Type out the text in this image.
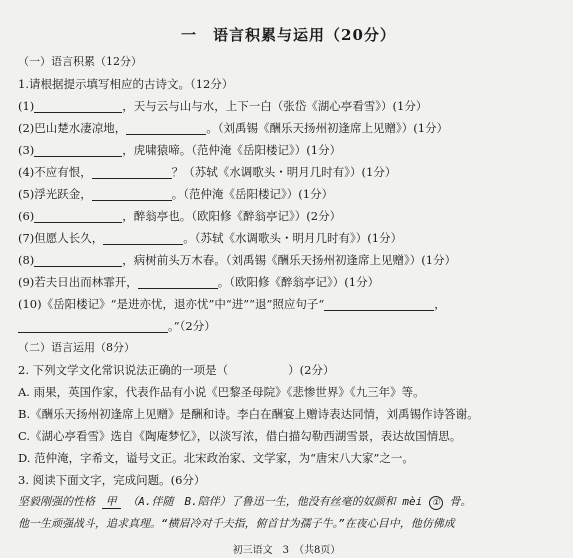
一　语言积累与运用（20分）
（一）语言积累（12分）
1.请根据提示填写相应的古诗文。（12分）
(1)	，天与云与山与水，上下一白（张岱《湖心亭看雪》）(1分）
(2)巴山楚水凄凉地，	。（刘禹锡《酬乐天扬州初逢席上见赠》）(1分）
(3)	，虎啸猿啼。（范仲淹《岳阳楼记》）(1分）
(4)不应有恨，	？（苏轼《水调歌头・明月几时有》）(1分）
(5)浮光跃金，	。（范仲淹《岳阳楼记》）(1分）
(6)	，醉翁亭也。（欧阳修《醉翁亭记》）(2分）
(7)但愿人长久，	。（苏轼《水调歌头・明月几时有》）(1分）
(8)	，病树前头万木春。（刘禹锡《酬乐天扬州初逢席上见赠》）(1分）
(9)若夫日出而林霏开，	。（欧阳修《醉翁亭记》）(1分）
(10)《岳阳楼记》“是进亦忧，退亦忧”中“进”“退”照应句子“	，
。”（2分）
（二）语言运用（8分）
2. 下列文学文化常识说法正确的一项是（	）(2分）
A. 雨果，英国作家，代表作品有小说《巴黎圣母院》《悲惨世界》《九三年》等。
B.《酬乐天扬州初逢席上见赠》是酬和诗。李白在酬宴上赠诗表达同情，刘禹锡作诗答谢。
C.《湖心亭看雪》选自《陶庵梦忆》，以淡写浓，借白描勾勒西湖雪景，表达故国情思。
D. 范仲淹，字希文，谥号文正。北宋政治家、文学家，为“唐宋八大家”之一。
3. 阅读下面文字，完成问题。(6分）
坚毅刚强的性格 甲 （A.伴随　B.陪伴）了鲁迅一生，他没有丝毫的奴颜和 mèi ① 骨。
他一生顽强战斗，追求真理。“横眉冷对千夫指，俯首甘为孺子牛。”在夜心目中，他仿佛成
初三语文　3　（共8页）
